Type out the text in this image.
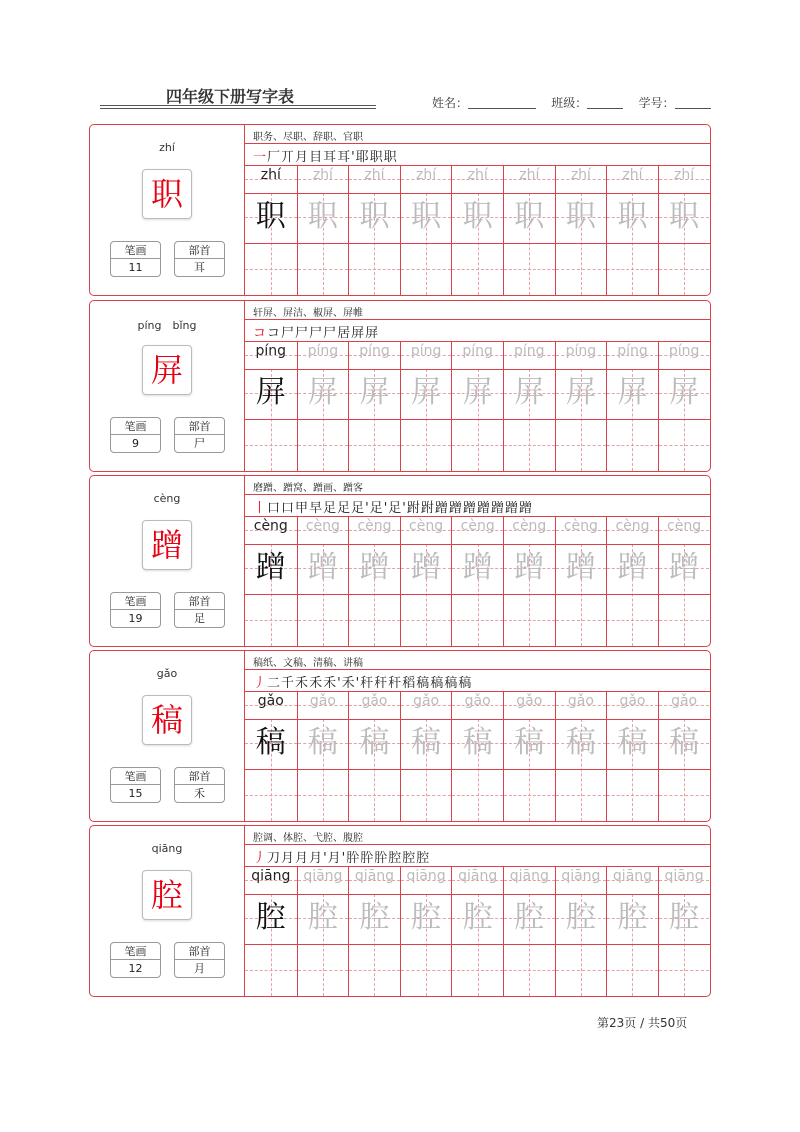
四年级下册写字表	姓名：	班级：	学号：
zhí
职
笔画
11
部首
耳
职务、尽职、辞职、官职
一厂丌月目耳耳'耶职职
zhí
职
zhí
职
zhí
职
zhí
职
zhí
职
zhí
职
zhí
职
zhí
职
zhí
职
píng　bǐng
屏
笔画
9
部首
尸
轩屏、屏洁、椒屏、屏帷
ココ尸尸尸尸居屏屏
píng
屏
píng
屏
píng
屏
píng
屏
píng
屏
píng
屏
píng
屏
píng
屏
píng
屏
cèng
蹭
笔画
19
部首
足
磨蹭、蹭窝、蹭画、蹭客
丨口口甲早足足足'足'足'跗跗蹭蹭蹭蹭蹭蹭蹭
cèng
蹭
cèng
蹭
cèng
蹭
cèng
蹭
cèng
蹭
cèng
蹭
cèng
蹭
cèng
蹭
cèng
蹭
gǎo
稿
笔画
15
部首
禾
稿纸、文稿、清稿、讲稿
丿二千禾禾禾'禾'秆秆秆稻稿稿稿稿
gǎo
稿
gǎo
稿
gǎo
稿
gǎo
稿
gǎo
稿
gǎo
稿
gǎo
稿
gǎo
稿
gǎo
稿
qiāng
腔
笔画
12
部首
月
腔调、体腔、弋腔、腹腔
丿刀月月月'月'肸肸肸腔腔腔
qiāng
腔
qiāng
腔
qiāng
腔
qiāng
腔
qiāng
腔
qiāng
腔
qiāng
腔
qiāng
腔
qiāng
腔
第23页 / 共50页
